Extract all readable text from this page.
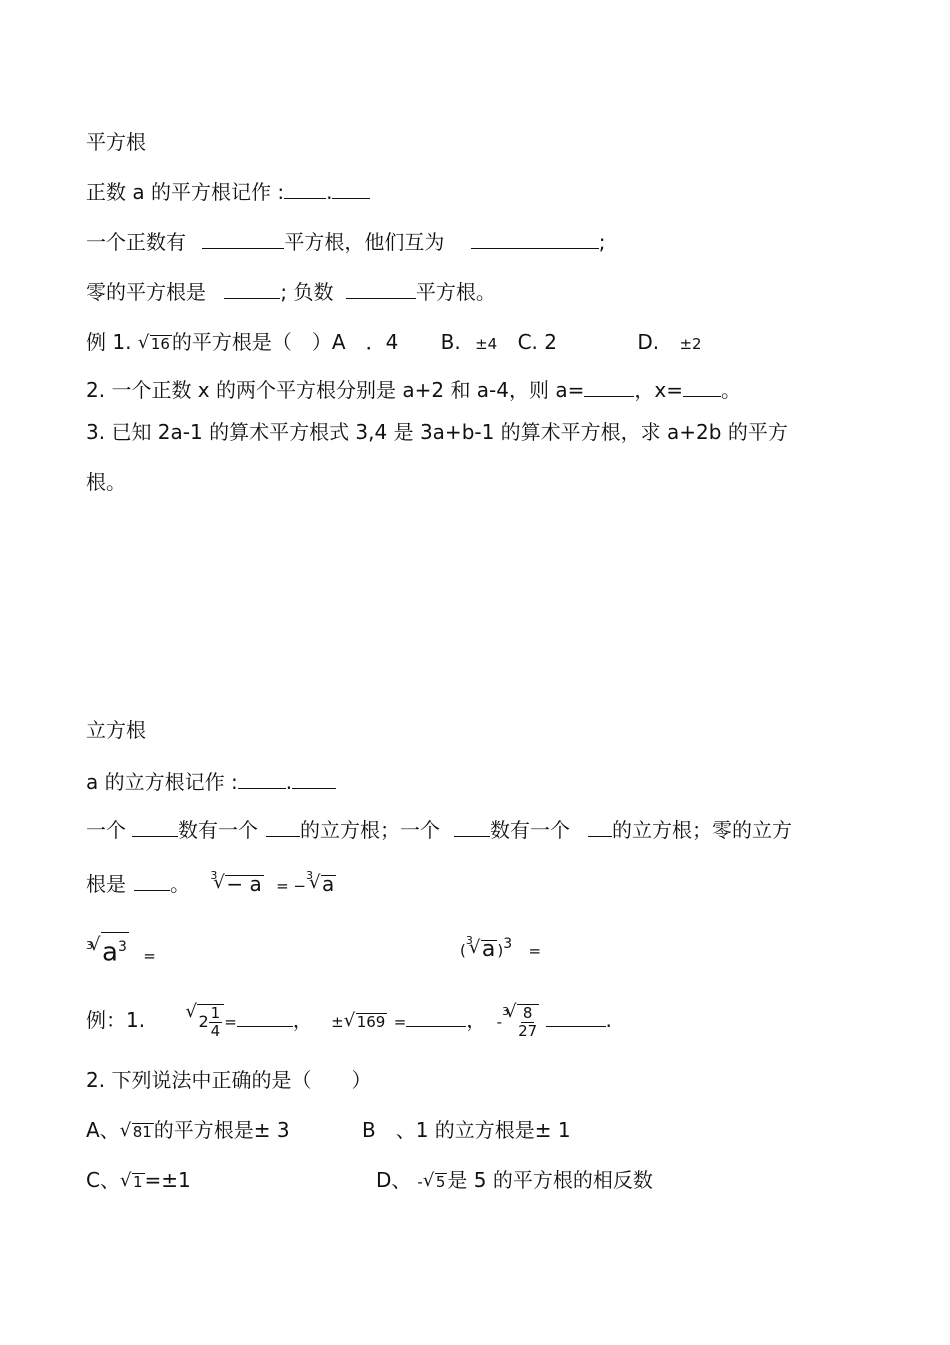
平方根
正数 a 的平方根记作 : .
一个正数有	平方根，他们互为	;
零的平方根是	; 负数	平方根。
例 1. √ 16 的平方根是（　）A　．4 B. ±4 C. 2	D. ±2
2. 一个正数 x 的两个平方根分别是 a+2 和 a-4，则 a=	，x= 。
3. 已知 2a-1 的算术平方根式 3,4 是 3a+b-1 的算术平方根，求 a+2b 的平方
根。
立方根
a 的立方根记作 : .
一个	数有一个 的立方根；一个	数有一个 的立方根；零的立方
根是 。 $^3$ √ − a = −$^3$ √ a
$^3$ √ $a^3$ =	($^3$ √ a )$^3$ =
例：1.	√ $2 \frac{1}{4}$ =	， ± √ 169 =	， -$^3$ √ $\frac{8}{27}$	.
2. 下列说法中正确的是（　　）
A、 √ 81 的平方根是± 3	B　、1 的立方根是± 1
C、 √ 1 =±1	D、 - √ 5 是 5 的平方根的相反数
